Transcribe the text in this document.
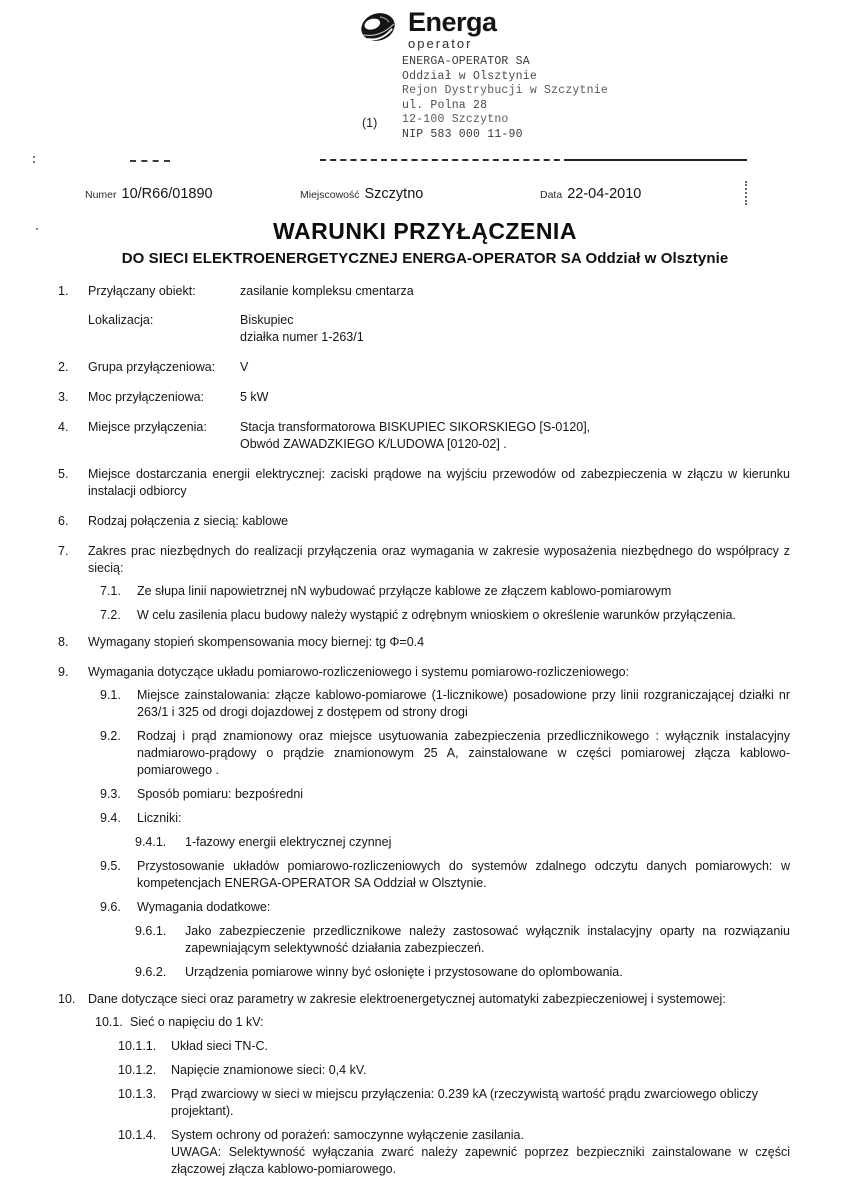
Energa
operator
ENERGA-OPERATOR SA
Oddział w Olsztynie
Rejon Dystrybucji w Szczytnie
ul. Polna 28
12-100 Szczytno
NIP 583 000 11-90
(1)
Numer 10/R66/01890	Miejscowość Szczytno	Data 22-04-2010
WARUNKI PRZYŁĄCZENIA
DO SIECI ELEKTROENERGETYCZNEJ ENERGA-OPERATOR SA Oddział w Olsztynie
1.	Przyłączany obiekt:	zasilanie kompleksu cmentarza
Lokalizacja:	Biskupiec
działka numer 1-263/1
2.	Grupa przyłączeniowa:	V
3.	Moc przyłączeniowa:	5 kW
4.	Miejsce przyłączenia:	Stacja transformatorowa BISKUPIEC SIKORSKIEGO [S-0120],
Obwód ZAWADZKIEGO K/LUDOWA [0120-02] .
5.	Miejsce dostarczania energii elektrycznej: zaciski prądowe na wyjściu przewodów od zabezpieczenia w złączu w kierunku instalacji odbiorcy
6.	Rodzaj połączenia z siecią: kablowe
7.	Zakres prac niezbędnych do realizacji przyłączenia oraz wymagania w zakresie wyposażenia niezbędnego do współpracy z siecią:
7.1.	Ze słupa linii napowietrznej nN wybudować przyłącze kablowe ze złączem kablowo-pomiarowym
7.2.	W celu zasilenia placu budowy należy wystąpić z odrębnym wnioskiem o określenie warunków przyłączenia.
8.	Wymagany stopień skompensowania mocy biernej: tg Φ=0.4
9.	Wymagania dotyczące układu pomiarowo-rozliczeniowego i systemu pomiarowo-rozliczeniowego:
9.1.	Miejsce zainstalowania: złącze kablowo-pomiarowe (1-licznikowe) posadowione przy linii rozgraniczającej działki nr 263/1 i 325 od drogi dojazdowej z dostępem od strony drogi
9.2.	Rodzaj i prąd znamionowy oraz miejsce usytuowania zabezpieczenia przedlicznikowego : wyłącznik instalacyjny nadmiarowo-prądowy o prądzie znamionowym 25 A, zainstalowane w części pomiarowej złącza kablowo-pomiarowego .
9.3.	Sposób pomiaru: bezpośredni
9.4.	Liczniki:
9.4.1.	1-fazowy energii elektrycznej czynnej
9.5.	Przystosowanie układów pomiarowo-rozliczeniowych do systemów zdalnego odczytu danych pomiarowych: w kompetencjach ENERGA-OPERATOR SA Oddział w Olsztynie.
9.6.	Wymagania dodatkowe:
9.6.1.	Jako zabezpieczenie przedlicznikowe należy zastosować wyłącznik instalacyjny oparty na rozwiązaniu zapewniającym selektywność działania zabezpieczeń.
9.6.2.	Urządzenia pomiarowe winny być osłonięte i przystosowane do oplombowania.
10.	Dane dotyczące sieci oraz parametry w zakresie elektroenergetycznej automatyki zabezpieczeniowej i systemowej:
10.1. Sieć o napięciu do 1 kV:
10.1.1.	Układ sieci TN-C.
10.1.2.	Napięcie znamionowe sieci: 0,4 kV.
10.1.3.	Prąd zwarciowy w sieci w miejscu przyłączenia: 0.239 kA (rzeczywistą wartość prądu zwarciowego obliczy projektant).
10.1.4.	System ochrony od porażeń: samoczynne wyłączenie zasilania.
UWAGA: Selektywność wyłączania zwarć należy zapewnić poprzez bezpieczniki zainstalowane w części złączowej złącza kablowo-pomiarowego.
